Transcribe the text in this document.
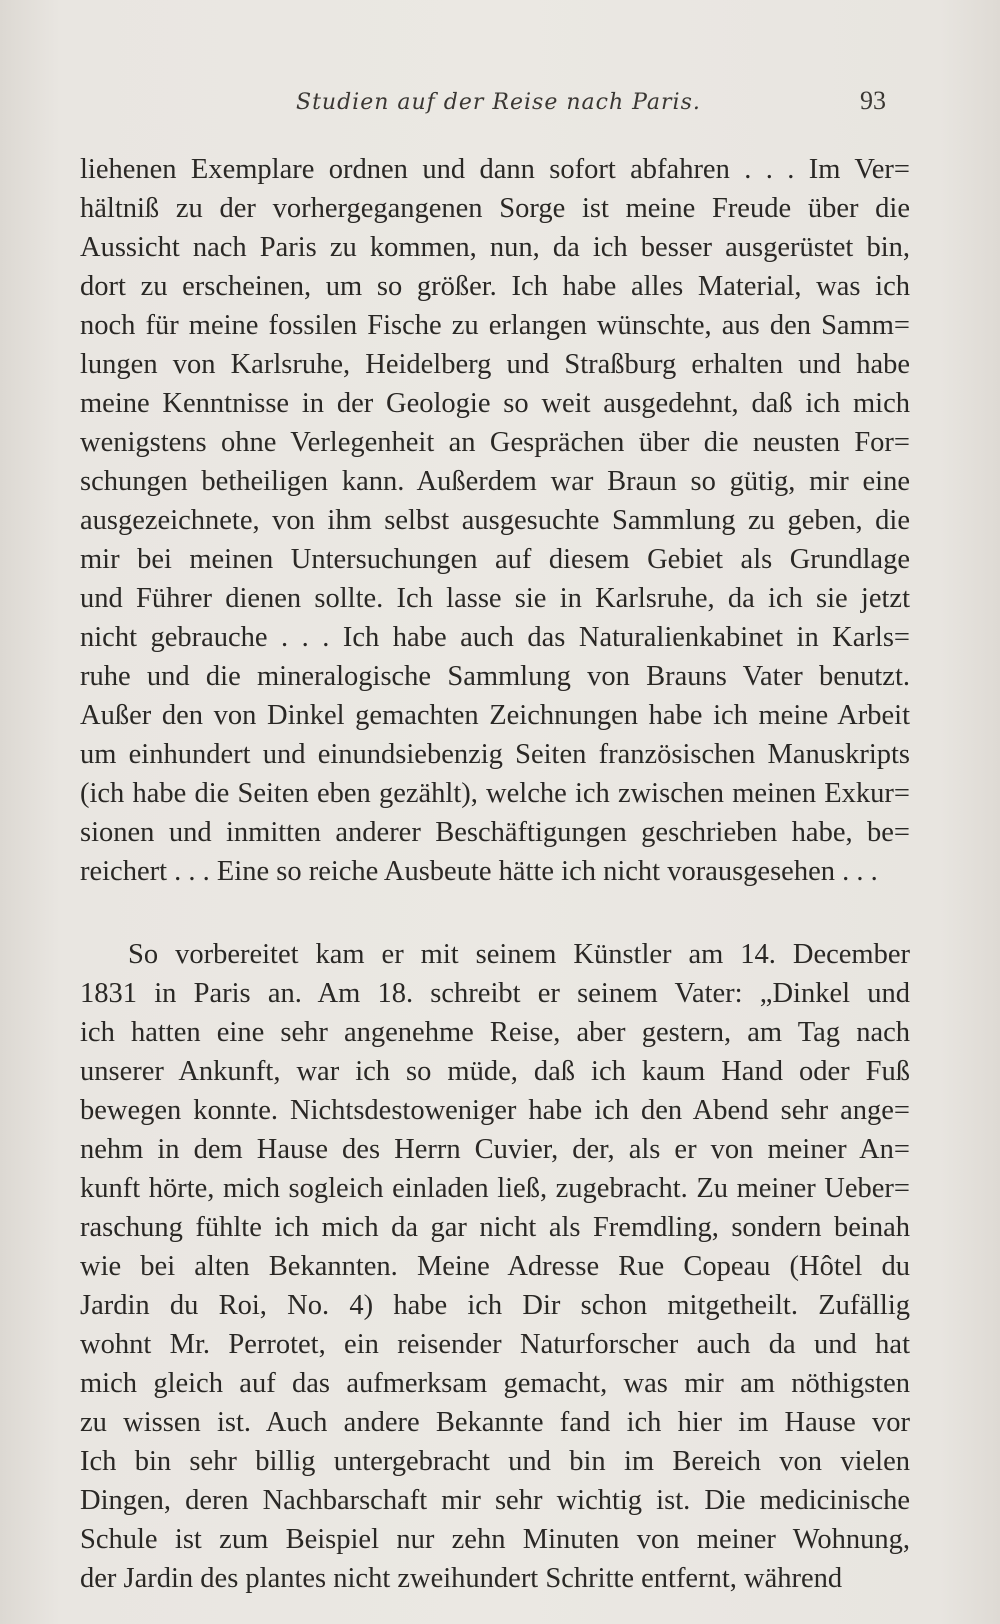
Studien auf der Reise nach Paris.	93
liehenen Exemplare ordnen und dann sofort abfahren . . . Im Ver=
hältniß zu der vorhergegangenen Sorge ist meine Freude über die
Aussicht nach Paris zu kommen, nun, da ich besser ausgerüstet bin,
dort zu erscheinen, um so größer. Ich habe alles Material, was ich
noch für meine fossilen Fische zu erlangen wünschte, aus den Samm=
lungen von Karlsruhe, Heidelberg und Straßburg erhalten und habe
meine Kenntnisse in der Geologie so weit ausgedehnt, daß ich mich
wenigstens ohne Verlegenheit an Gesprächen über die neusten For=
schungen betheiligen kann. Außerdem war Braun so gütig, mir eine
ausgezeichnete, von ihm selbst ausgesuchte Sammlung zu geben, die
mir bei meinen Untersuchungen auf diesem Gebiet als Grundlage
und Führer dienen sollte. Ich lasse sie in Karlsruhe, da ich sie jetzt
nicht gebrauche . . . Ich habe auch das Naturalienkabinet in Karls=
ruhe und die mineralogische Sammlung von Brauns Vater benutzt.
Außer den von Dinkel gemachten Zeichnungen habe ich meine Arbeit
um einhundert und einundsiebenzig Seiten französischen Manuskripts
(ich habe die Seiten eben gezählt), welche ich zwischen meinen Exkur=
sionen und inmitten anderer Beschäftigungen geschrieben habe, be=
reichert . . . Eine so reiche Ausbeute hätte ich nicht vorausgesehen . . .
So vorbereitet kam er mit seinem Künstler am 14. December
1831 in Paris an. Am 18. schreibt er seinem Vater: „Dinkel und
ich hatten eine sehr angenehme Reise, aber gestern, am Tag nach
unserer Ankunft, war ich so müde, daß ich kaum Hand oder Fuß
bewegen konnte. Nichtsdestoweniger habe ich den Abend sehr ange=
nehm in dem Hause des Herrn Cuvier, der, als er von meiner An=
kunft hörte, mich sogleich einladen ließ, zugebracht. Zu meiner Ueber=
raschung fühlte ich mich da gar nicht als Fremdling, sondern beinah
wie bei alten Bekannten. Meine Adresse Rue Copeau (Hôtel du
Jardin du Roi, No. 4) habe ich Dir schon mitgetheilt. Zufällig
wohnt Mr. Perrotet, ein reisender Naturforscher auch da und hat
mich gleich auf das aufmerksam gemacht, was mir am nöthigsten
zu wissen ist. Auch andere Bekannte fand ich hier im Hause vor
Ich bin sehr billig untergebracht und bin im Bereich von vielen
Dingen, deren Nachbarschaft mir sehr wichtig ist. Die medicinische
Schule ist zum Beispiel nur zehn Minuten von meiner Wohnung,
der Jardin des plantes nicht zweihundert Schritte entfernt, während
